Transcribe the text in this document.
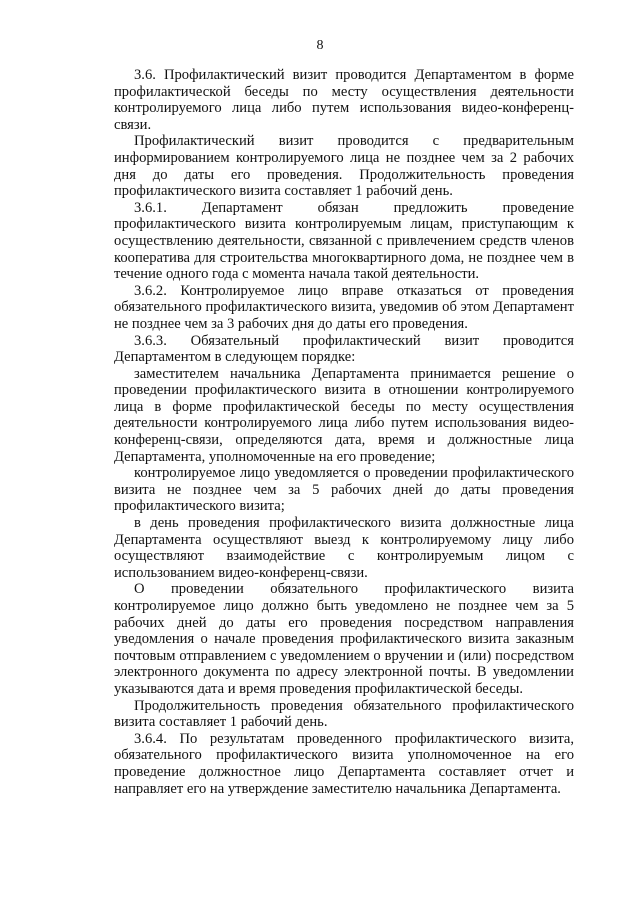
8

3.6. Профилактический визит проводится Департаментом в форме профилактической беседы по месту осуществления деятельности контролируемого лица либо путем использования видео-конференц-связи.

Профилактический визит проводится с предварительным информированием контролируемого лица не позднее чем за 2 рабочих дня до даты его проведения. Продолжительность проведения профилактического визита составляет 1 рабочий день.

3.6.1. Департамент обязан предложить проведение профилактического визита контролируемым лицам, приступающим к осуществлению деятельности, связанной с привлечением средств членов кооператива для строительства многоквартирного дома, не позднее чем в течение одного года с момента начала такой деятельности.

3.6.2. Контролируемое лицо вправе отказаться от проведения обязательного профилактического визита, уведомив об этом Департамент не позднее чем за 3 рабочих дня до даты его проведения.

3.6.3. Обязательный профилактический визит проводится Департаментом в следующем порядке:

заместителем начальника Департамента принимается решение о проведении профилактического визита в отношении контролируемого лица в форме профилактической беседы по месту осуществления деятельности контролируемого лица либо путем использования видео-конференц-связи, определяются дата, время и должностные лица Департамента, уполномоченные на его проведение;

контролируемое лицо уведомляется о проведении профилактического визита не позднее чем за 5 рабочих дней до даты проведения профилактического визита;

в день проведения профилактического визита должностные лица Департамента осуществляют выезд к контролируемому лицу либо осуществляют взаимодействие с контролируемым лицом с использованием видео-конференц-связи.

О проведении обязательного профилактического визита контролируемое лицо должно быть уведомлено не позднее чем за 5 рабочих дней до даты его проведения посредством направления уведомления о начале проведения профилактического визита заказным почтовым отправлением с уведомлением о вручении и (или) посредством электронного документа по адресу электронной почты. В уведомлении указываются дата и время проведения профилактической беседы.

Продолжительность проведения обязательного профилактического визита составляет 1 рабочий день.

3.6.4. По результатам проведенного профилактического визита, обязательного профилактического визита уполномоченное на его проведение должностное лицо Департамента составляет отчет и направляет его на утверждение заместителю начальника Департамента.
